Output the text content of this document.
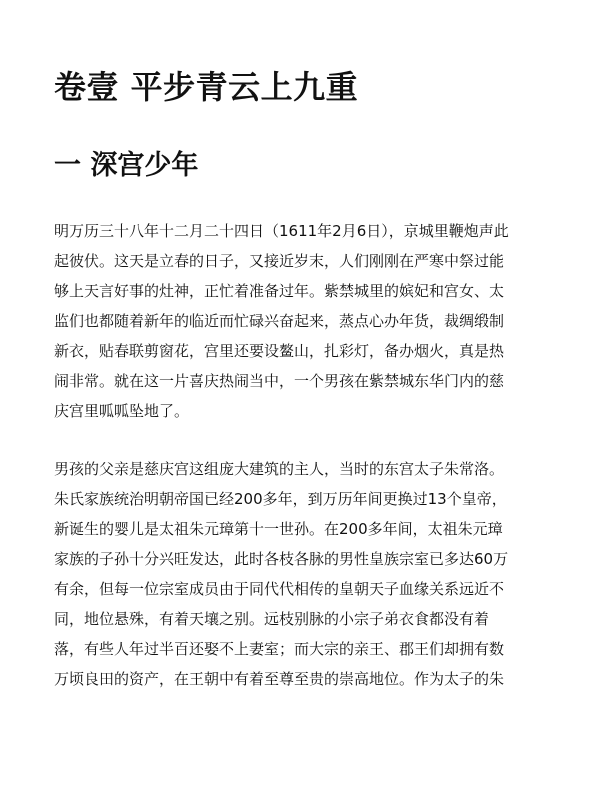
卷壹 平步青云上九重
一 深宫少年

明万历三十八年十二月二十四日（1611年2月6日），京城里鞭炮声此
起彼伏。这天是立春的日子，又接近岁末，人们刚刚在严寒中祭过能
够上天言好事的灶神，正忙着准备过年。紫禁城里的嫔妃和宫女、太
监们也都随着新年的临近而忙碌兴奋起来，蒸点心办年货，裁绸缎制
新衣，贴春联剪窗花，宫里还要设鳌山，扎彩灯，备办烟火，真是热
闹非常。就在这一片喜庆热闹当中，一个男孩在紫禁城东华门内的慈
庆宫里呱呱坠地了。

男孩的父亲是慈庆宫这组庞大建筑的主人，当时的东宫太子朱常洛。
朱氏家族统治明朝帝国已经200多年，到万历年间更换过13个皇帝，
新诞生的婴儿是太祖朱元璋第十一世孙。在200多年间，太祖朱元璋
家族的子孙十分兴旺发达，此时各枝各脉的男性皇族宗室已多达60万
有余，但每一位宗室成员由于同代代相传的皇朝天子血缘关系远近不
同，地位悬殊，有着天壤之别。远枝别脉的小宗子弟衣食都没有着
落，有些人年过半百还娶不上妻室；而大宗的亲王、郡王们却拥有数
万顷良田的资产，在王朝中有着至尊至贵的崇高地位。作为太子的朱
